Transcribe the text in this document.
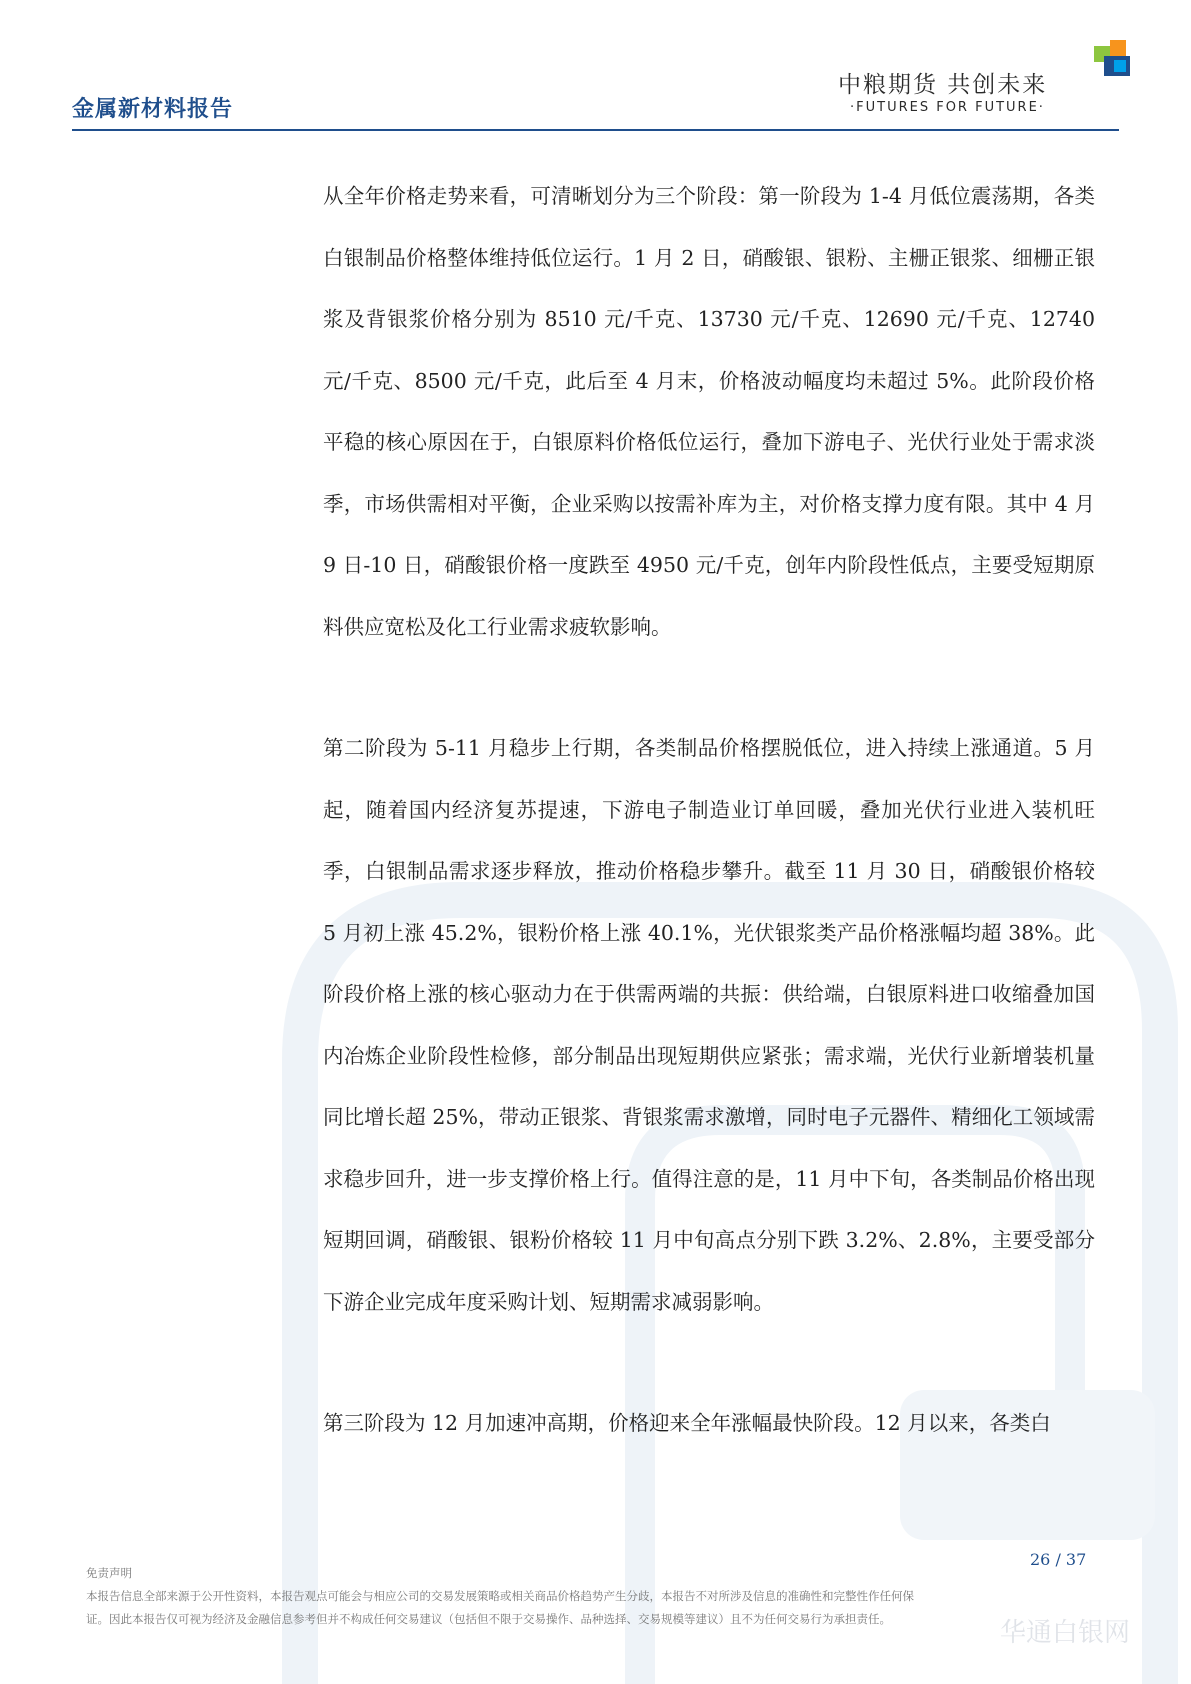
金属新材料报告
中粮期货 共创未来
·FUTURES FOR FUTURE·

从全年价格走势来看，可清晰划分为三个阶段：第一阶段为 1-4 月低位震荡期，各类白银制品价格整体维持低位运行。1 月 2 日，硝酸银、银粉、主栅正银浆、细栅正银浆及背银浆价格分别为 8510 元/千克、13730 元/千克、12690 元/千克、12740 元/千克、8500 元/千克，此后至 4 月末，价格波动幅度均未超过 5%。此阶段价格平稳的核心原因在于，白银原料价格低位运行，叠加下游电子、光伏行业处于需求淡季，市场供需相对平衡，企业采购以按需补库为主，对价格支撑力度有限。其中 4 月 9 日-10 日，硝酸银价格一度跌至 4950 元/千克，创年内阶段性低点，主要受短期原料供应宽松及化工行业需求疲软影响。

第二阶段为 5-11 月稳步上行期，各类制品价格摆脱低位，进入持续上涨通道。5 月起，随着国内经济复苏提速，下游电子制造业订单回暖，叠加光伏行业进入装机旺季，白银制品需求逐步释放，推动价格稳步攀升。截至 11 月 30 日，硝酸银价格较 5 月初上涨 45.2%，银粉价格上涨 40.1%，光伏银浆类产品价格涨幅均超 38%。此阶段价格上涨的核心驱动力在于供需两端的共振：供给端，白银原料进口收缩叠加国内冶炼企业阶段性检修，部分制品出现短期供应紧张；需求端，光伏行业新增装机量同比增长超 25%，带动正银浆、背银浆需求激增，同时电子元器件、精细化工领域需求稳步回升，进一步支撑价格上行。值得注意的是，11 月中下旬，各类制品价格出现短期回调，硝酸银、银粉价格较 11 月中旬高点分别下跌 3.2%、2.8%，主要受部分下游企业完成年度采购计划、短期需求减弱影响。

第三阶段为 12 月加速冲高期，价格迎来全年涨幅最快阶段。12 月以来，各类白

26 / 37
免责声明
本报告信息全部来源于公开性资料，本报告观点可能会与相应公司的交易发展策略或相关商品价格趋势产生分歧，本报告不对所涉及信息的准确性和完整性作任何保
证。因此本报告仅可视为经济及金融信息参考但并不构成任何交易建议（包括但不限于交易操作、品种选择、交易规模等建议）且不为任何交易行为承担责任。	华通白银网
